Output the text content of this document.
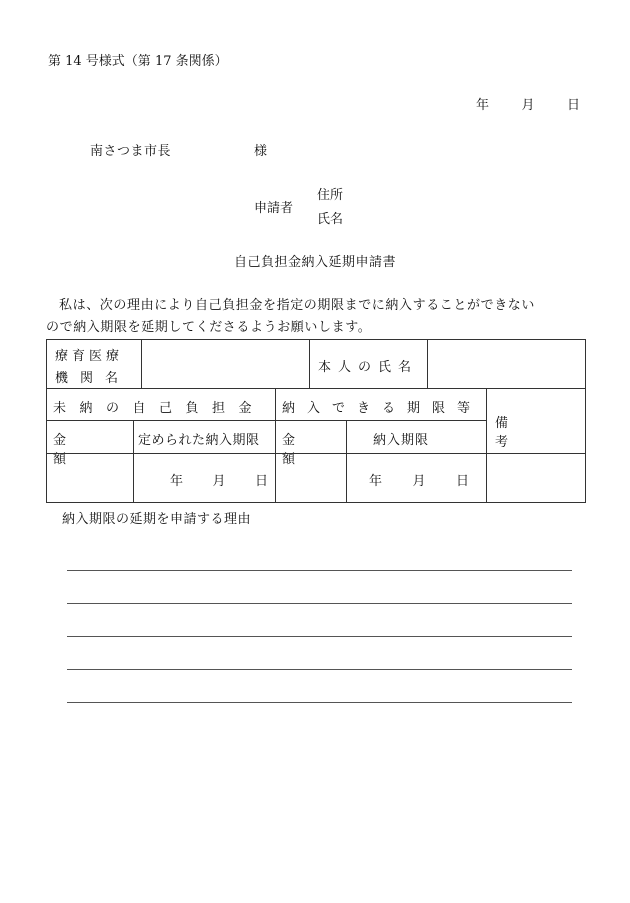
第 14 号様式（第 17 条関係）
年 月 日
南さつま市長	様
申請者
住所
氏名
自己負担金納入延期申請書

私は、次の理由により自己負担金を指定の期限までに納入することができない

ので納入期限を延期してくださるようお願いします。

療育医療
機関名
本人の氏名
未納の自己負担金 納入できる期限等
備考
金額
定められた納入期限 金額
納入期限
年 月 日	年 月 日
納入期限の延期を申請する理由
